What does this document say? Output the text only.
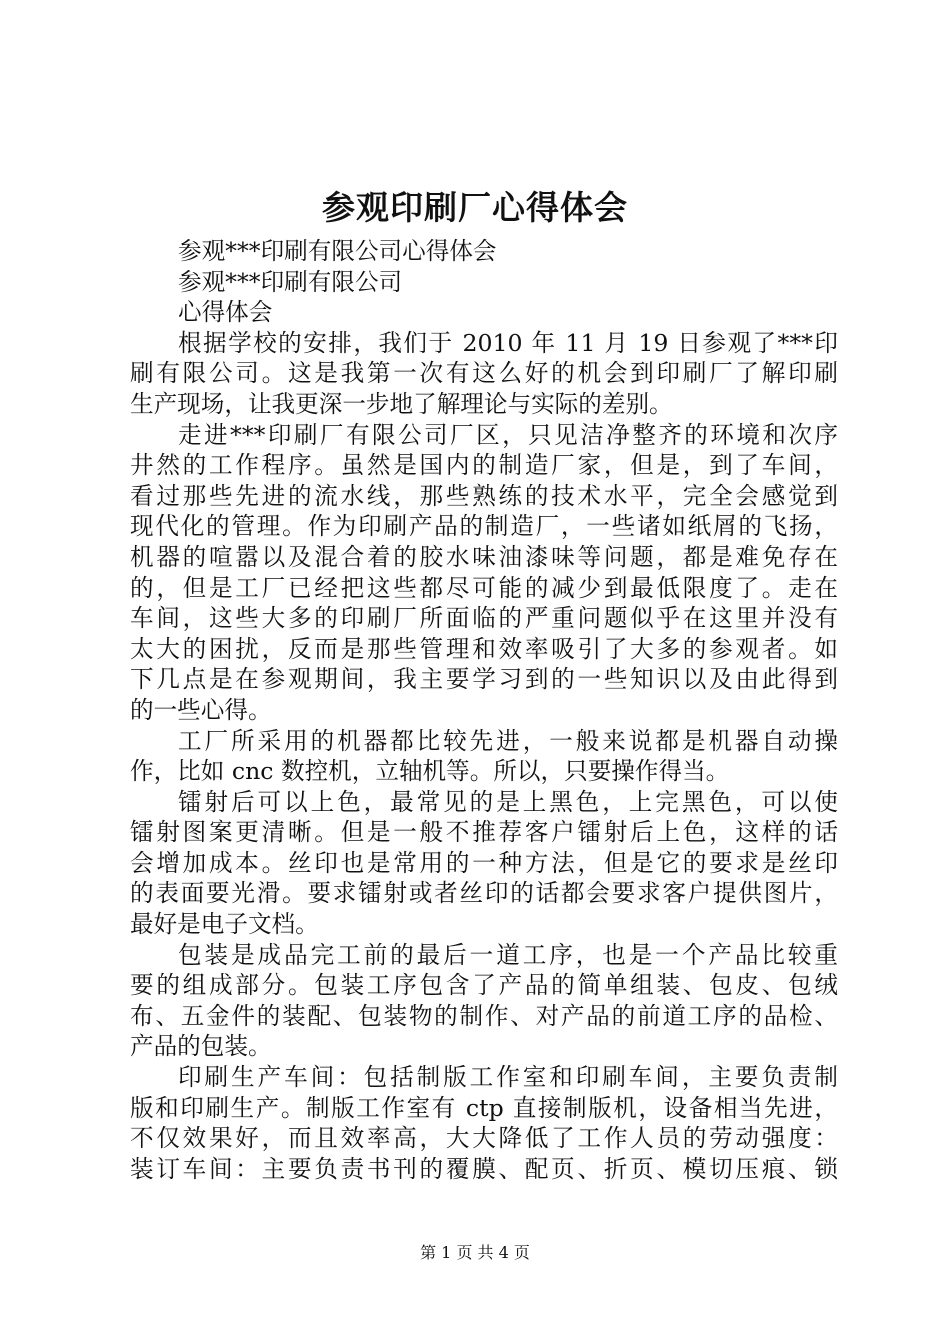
参观印刷厂心得体会
参观***印刷有限公司心得体会
参观***印刷有限公司
心得体会
根据学校的安排，我们于 2010 年 11 月 19 日参观了***印
刷有限公司。这是我第一次有这么好的机会到印刷厂了解印刷
生产现场，让我更深一步地了解理论与实际的差别。
走进***印刷厂有限公司厂区，只见洁净整齐的环境和次序
井然的工作程序。虽然是国内的制造厂家，但是，到了车间，
看过那些先进的流水线，那些熟练的技术水平，完全会感觉到
现代化的管理。作为印刷产品的制造厂，一些诸如纸屑的飞扬，
机器的喧嚣以及混合着的胶水味油漆味等问题，都是难免存在
的，但是工厂已经把这些都尽可能的减少到最低限度了。走在
车间，这些大多的印刷厂所面临的严重问题似乎在这里并没有
太大的困扰，反而是那些管理和效率吸引了大多的参观者。如
下几点是在参观期间，我主要学习到的一些知识以及由此得到
的一些心得。
工厂所采用的机器都比较先进，一般来说都是机器自动操
作，比如 cnc 数控机，立轴机等。所以，只要操作得当。
镭射后可以上色，最常见的是上黑色，上完黑色，可以使
镭射图案更清晰。但是一般不推荐客户镭射后上色，这样的话
会增加成本。丝印也是常用的一种方法，但是它的要求是丝印
的表面要光滑。要求镭射或者丝印的话都会要求客户提供图片，
最好是电子文档。
包装是成品完工前的最后一道工序，也是一个产品比较重
要的组成部分。包装工序包含了产品的简单组装、包皮、包绒
布、五金件的装配、包装物的制作、对产品的前道工序的品检、
产品的包装。
印刷生产车间：包括制版工作室和印刷车间，主要负责制
版和印刷生产。制版工作室有 ctp 直接制版机，设备相当先进，
不仅效果好，而且效率高，大大降低了工作人员的劳动强度：
装订车间：主要负责书刊的覆膜、配页、折页、模切压痕、锁
第 1 页 共 4 页
